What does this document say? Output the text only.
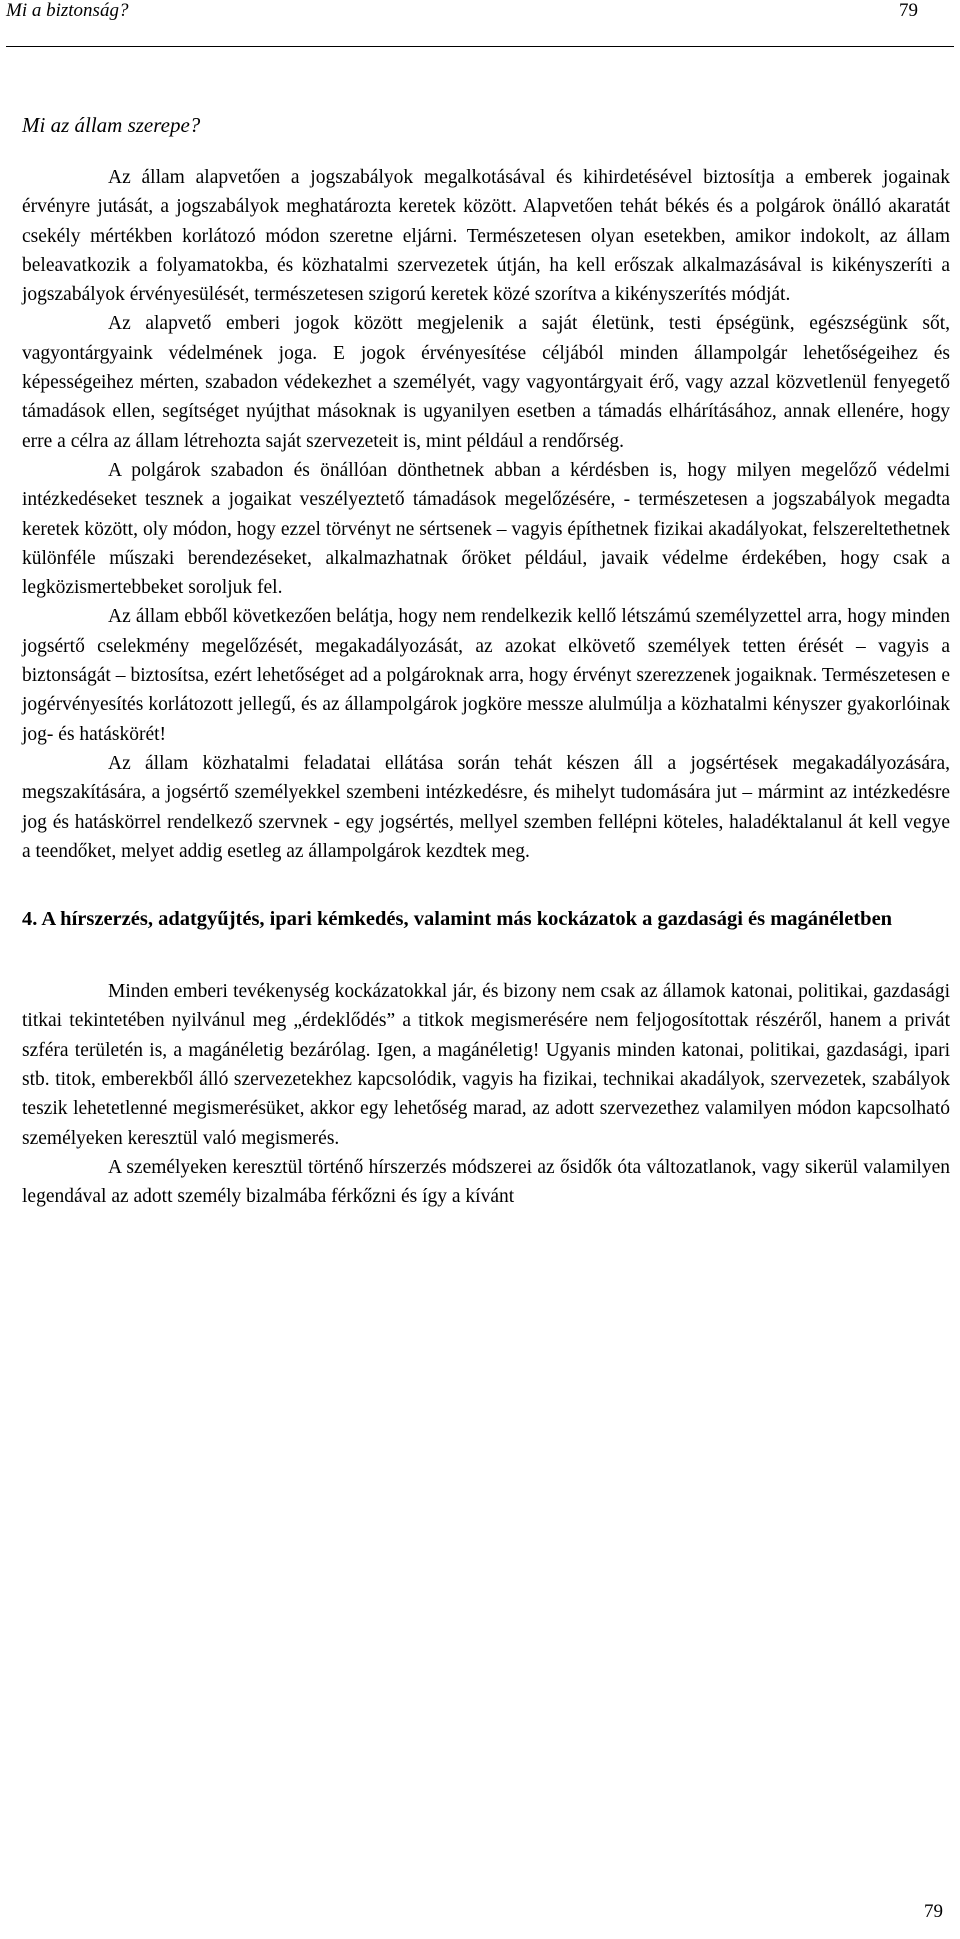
Mi a biztonság?	79
Mi az állam szerepe?

Az állam alapvetően a jogszabályok megalkotásával és kihirdetésével biztosítja a emberek jogainak érvényre jutását, a jogszabályok meghatározta keretek között. Alapvetően tehát békés és a polgárok önálló akaratát csekély mértékben korlátozó módon szeretne eljárni. Természetesen olyan esetekben, amikor indokolt, az állam beleavatkozik a folyamatokba, és közhatalmi szervezetek útján, ha kell erőszak alkalmazásával is kikényszeríti a jogszabályok érvényesülését, természetesen szigorú keretek közé szorítva a kikényszerítés módját.

Az alapvető emberi jogok között megjelenik a saját életünk, testi épségünk, egészségünk sőt, vagyontárgyaink védelmének joga. E jogok érvényesítése céljából minden állampolgár lehetőségeihez és képességeihez mérten, szabadon védekezhet a személyét, vagy vagyontárgyait érő, vagy azzal közvetlenül fenyegető támadások ellen, segítséget nyújthat másoknak is ugyanilyen esetben a támadás elhárításához, annak ellenére, hogy erre a célra az állam létrehozta saját szervezeteit is, mint például a rendőrség.

A polgárok szabadon és önállóan dönthetnek abban a kérdésben is, hogy milyen megelőző védelmi intézkedéseket tesznek a jogaikat veszélyeztető támadások megelőzésére, - természetesen a jogszabályok megadta keretek között, oly módon, hogy ezzel törvényt ne sértsenek – vagyis építhetnek fizikai akadályokat, felszereltethetnek különféle műszaki berendezéseket, alkalmazhatnak őröket például, javaik védelme érdekében, hogy csak a legközismertebbeket soroljuk fel.

Az állam ebből következően belátja, hogy nem rendelkezik kellő létszámú személyzettel arra, hogy minden jogsértő cselekmény megelőzését, megakadályozását, az azokat elkövető személyek tetten érését – vagyis a biztonságát – biztosítsa, ezért lehetőséget ad a polgároknak arra, hogy érvényt szerezzenek jogaiknak. Természetesen e jogérvényesítés korlátozott jellegű, és az állampolgárok jogköre messze alulmúlja a közhatalmi kényszer gyakorlóinak jog- és hatáskörét!

Az állam közhatalmi feladatai ellátása során tehát készen áll a jogsértések megakadályozására, megszakítására, a jogsértő személyekkel szembeni intézkedésre, és mihelyt tudomására jut – mármint az intézkedésre jog és hatáskörrel rendelkező szervnek - egy jogsértés, mellyel szemben fellépni köteles, haladéktalanul át kell vegye a teendőket, melyet addig esetleg az állampolgárok kezdtek meg.

4. A hírszerzés, adatgyűjtés, ipari kémkedés, valamint más kockázatok a gazdasági és magánéletben

Minden emberi tevékenység kockázatokkal jár, és bizony nem csak az államok katonai, politikai, gazdasági titkai tekintetében nyilvánul meg „érdeklődés” a titkok megismerésére nem feljogosítottak részéről, hanem a privát szféra területén is, a magánéletig bezárólag. Igen, a magánéletig! Ugyanis minden katonai, politikai, gazdasági, ipari stb. titok, emberekből álló szervezetekhez kapcsolódik, vagyis ha fizikai, technikai akadályok, szervezetek, szabályok teszik lehetetlenné megismerésüket, akkor egy lehetőség marad, az adott szervezethez valamilyen módon kapcsolható személyeken keresztül való megismerés.

A személyeken keresztül történő hírszerzés módszerei az ősidők óta változatlanok, vagy sikerül valamilyen legendával az adott személy bizalmába férkőzni és így a kívánt

79
